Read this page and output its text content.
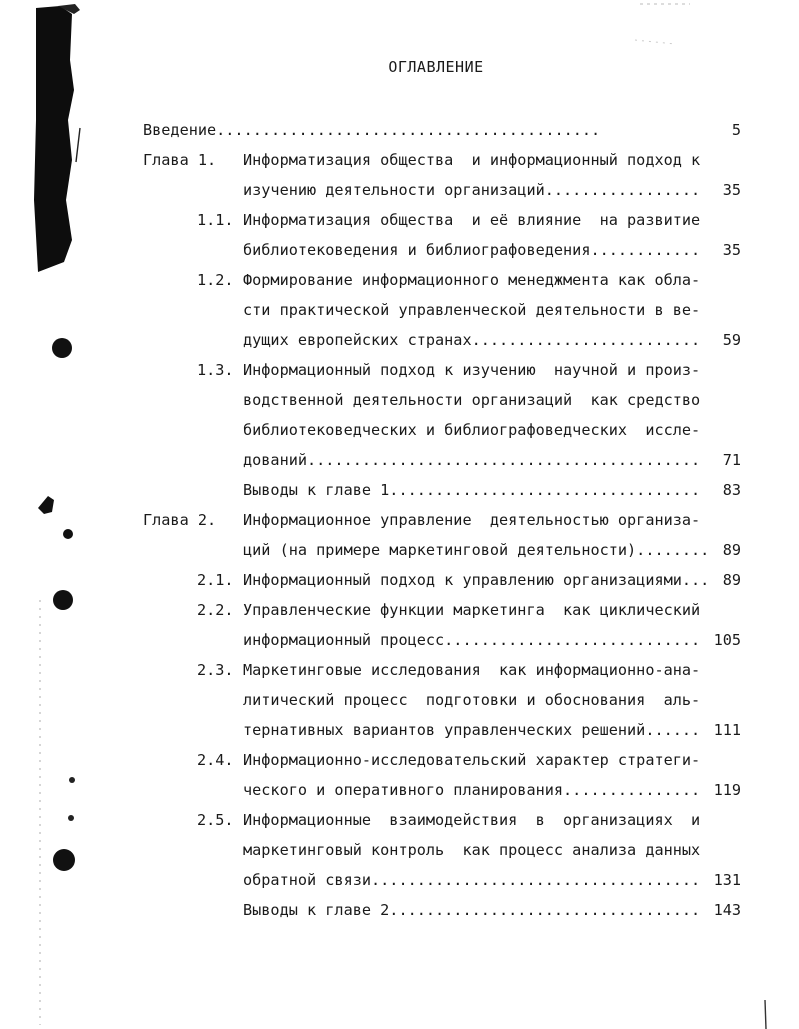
ОГЛАВЛЕНИЕ
Введение..........................................	5
Глава 1. Информатизация общества  и информационный подход к
изучению деятельности организаций.................	35
1.1. Информатизация общества  и её влияние  на развитие
библиотековедения и библиографоведения............	35
1.2. Формирование информационного менеджмента как обла-
сти практической управленческой деятельности в ве-
дущих европейских странах.........................	59
1.3. Информационный подход к изучению  научной и произ-
водственной деятельности организаций  как средство
библиотековедческих и библиографоведческих  иссле-
дований...........................................	71
Выводы к главе 1..................................	83
Глава 2. Информационное управление  деятельностью организа-
ций (на примере маркетинговой деятельности)........ 89
2.1. Информационный подход к управлению организациями... 89
2.2. Управленческие функции маркетинга  как циклический
информационный процесс............................ 105
2.3. Маркетинговые исследования  как информационно-ана-
литический процесс  подготовки и обоснования  аль-
тернативных вариантов управленческих решений...... 111
2.4. Информационно-исследовательский характер стратеги-
ческого и оперативного планирования............... 119
2.5. Информационные  взаимодействия  в  организациях  и
маркетинговый контроль  как процесс анализа данных
обратной связи.................................... 131
Выводы к главе 2.................................. 143
